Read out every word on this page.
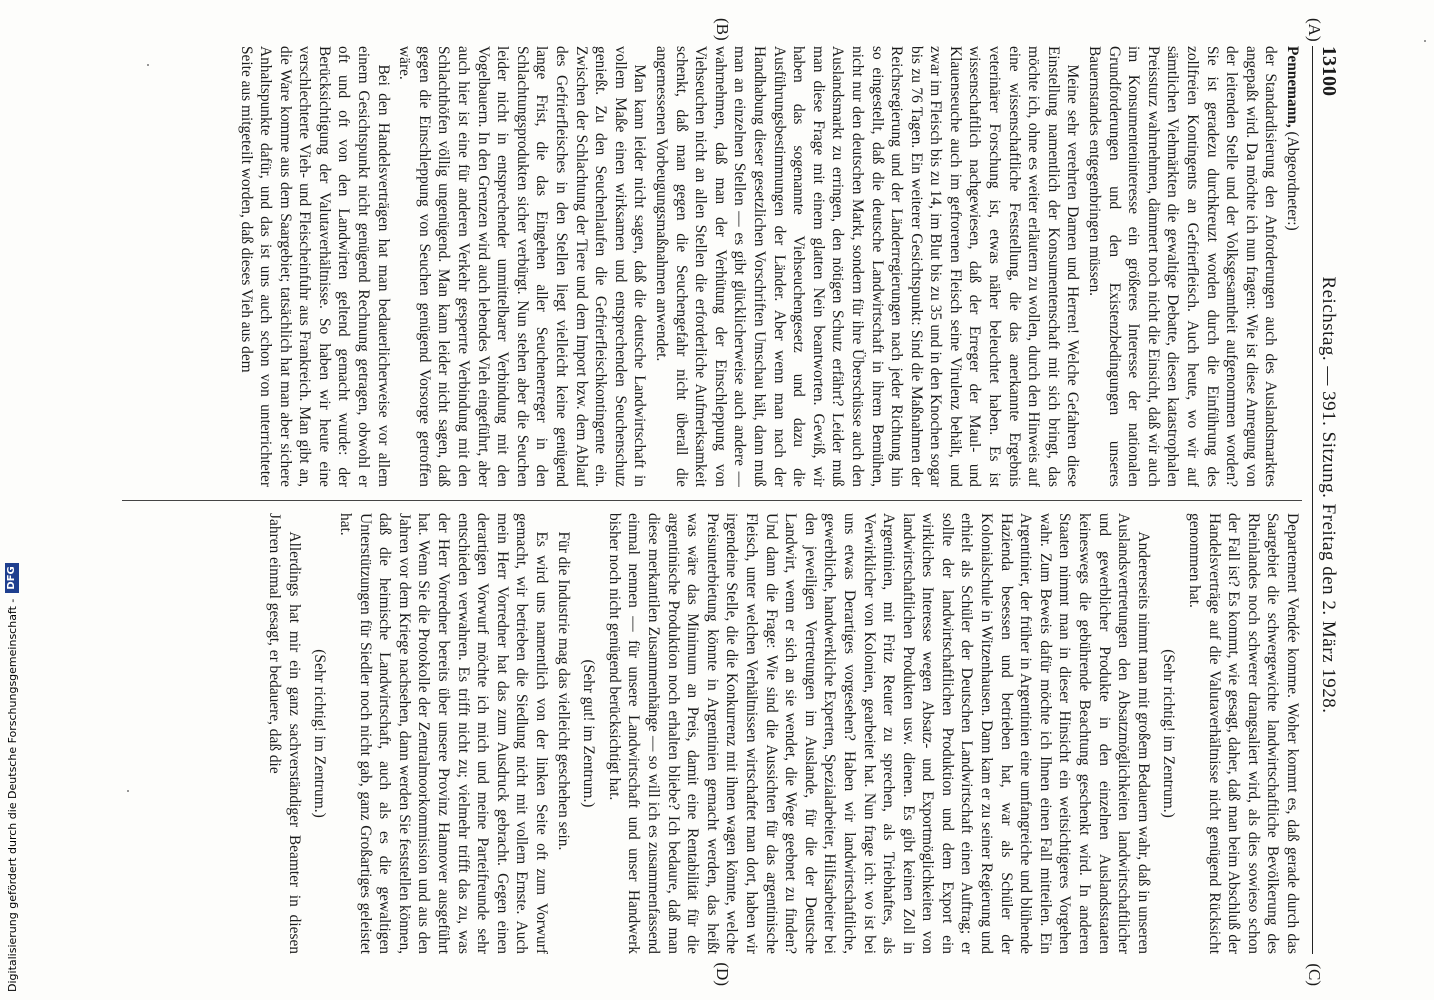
13100
Reichstag. — 391. Sitzung. Freitag den 2. März 1928.

Pennemann, (Abgeordneter:)

der Standardisierung den Anforderungen auch des Auslandsmarktes angepaßt wird. Da möchte ich nun fragen: Wie ist diese Anregung von der leitenden Stelle und der Volksgesamtheit aufgenommen worden? Sie ist geradezu durchkreuzt worden durch die Einführung des zollfreien Kontingents an Gefrierfleisch. Auch heute, wo wir auf sämtlichen Viehmärkten die gewaltige Debatte, diesen katastrophalen Preissturz wahrnehmen, dämmert noch nicht die Einsicht, daß wir auch im Konsumenteninteresse ein größeres Interesse der nationalen Grundforderungen und den Existenzbedingungen unseres Bauernstandes entgegenbringen müssen.

Meine sehr verehrten Damen und Herren! Welche Gefahren diese Einstellung namentlich der Konsumentenschaft mit sich bringt, das möchte ich, ohne es weiter erläutern zu wollen, durch den Hinweis auf eine wissenschaftliche Feststellung, die das anerkannte Ergebnis veterinärer Forschung ist, etwas näher beleuchtet haben. Es ist wissenschaftlich nachgewiesen, daß der Erreger der Maul- und Klauenseuche auch im gefrorenen Fleisch seine Virulenz behält, und zwar im Fleisch bis zu 14, im Blut bis zu 35 und in den Knochen sogar bis zu 76 Tagen. Ein weiterer Gesichtspunkt: Sind die Maßnahmen der Reichsregierung und der Länderregierungen nach jeder Richtung hin so eingestellt, daß die deutsche Landwirtschaft in ihrem Bemühen, nicht nur den deutschen Markt, sondern für ihre Überschüsse auch den Auslandsmarkt zu erringen, den nötigen Schutz erfährt? Leider muß man diese Frage mit einem glatten Nein beantworten. Gewiß, wir haben das sogenannte Viehseuchengesetz und dazu die Ausführungsbestimmungen der Länder. Aber wenn man nach der Handhabung dieser gesetzlichen Vorschriften Umschau hält, dann muß man an einzelnen Stellen — es gibt glücklicherweise auch andere — wahrnehmen, daß man der Verhütung der Einschleppung von Viehseuchen nicht an allen Stellen die erforderliche Aufmerksamkeit schenkt, daß man gegen die Seuchengefahr nicht überall die angemessenen Vorbeugungsmaßnahmen anwendet.

Man kann leider nicht sagen, daß die deutsche Landwirtschaft in vollem Maße einen wirksamen und entsprechenden Seuchenschutz genießt. Zu den Seuchenlaufen die Gefrierfleischkontingente ein. Zwischen der Schlachtung der Tiere und dem Import bzw. dem Ablauf des Gefrierfleisches in den Stellen liegt vielleicht keine genügend lange Frist, die das Eingehen aller Seuchenerreger in den Schlachtungsprodukten sicher verbürgt. Nun stehen aber die Seuchen leider nicht in entsprechender unmittelbarer Verbindung mit den Vogelbauern. In den Grenzen wird auch lebendes Vieh eingeführt, aber auch hier ist eine für anderen Verkehr gesperrte Verbindung mit den Schlachthöfen völlig ungenügend. Man kann leider nicht sagen, daß gegen die Einschleppung von Seuchen genügend Vorsorge getroffen wäre.

Bei den Handelsverträgen hat man bedauerlicherweise vor allem einem Gesichtspunkt nicht genügend Rechnung getragen, obwohl er oft und oft von den Landwirten geltend gemacht wurde: der Berücksichtigung der Valutaverhältnisse. So haben wir heute eine verschlechterte Vieh- und Fleischeinfuhr aus Frankreich. Man gibt an, die Ware komme aus dem Saargebiet; tatsächlich hat man aber sichere Anhaltspunkte dafür, und das ist uns auch schon von unterrichteter Seite aus mitgeteilt worden, daß dieses Vieh aus dem

Departement Vendée komme. Woher kommt es, daß gerade durch das Saargebiet die schwergewichte landwirtschaftliche Bevölkerung des Rheinlandes noch schwerer drangsaliert wird, als dies sowieso schon der Fall ist? Es kommt, wie gesagt, daher, daß man beim Abschluß der Handelsverträge auf die Valutaverhältnisse nicht genügend Rücksicht genommen hat.

(Sehr richtig! im Zentrum.)

Andererseits nimmt man mit großem Bedauern wahr, daß in unseren Auslandsvertretungen den Absatzmöglichkeiten landwirtschaftlicher und gewerblicher Produkte in den einzelnen Auslandsstaaten keineswegs die gebührende Beachtung geschenkt wird. In anderen Staaten nimmt man in dieser Hinsicht ein weitsichtigeres Vorgehen wahr. Zum Beweis dafür möchte ich Ihnen einen Fall mitteilen. Ein Argentinier, der früher in Argentinien eine umfangreiche und blühende Hazienda besessen und betrieben hat, war als Schüler der Kolonialschule in Witzenhausen. Dann kam er zu seiner Regierung und erhielt als Schüler der Deutschen Landwirtschaft einen Auftrag; er sollte der landwirtschaftlichen Produktion und dem Export ein wirkliches Interesse wegen Absatz- und Exportmöglichkeiten von landwirtschaftlichen Produkten usw. dienen. Es gibt keinen Zoll in Argentinien, mit Fritz Reuter zu sprechen, als Triebhaftes, als Verwirklicher von Kolonien, gearbeitet hat. Nun frage ich: wo ist bei uns etwas Derartiges vorgesehen? Haben wir landwirtschaftliche, gewerbliche, handwerkliche Experten, Spezialarbeiter, Hilfsarbeiter bei den jeweiligen Vertretungen im Auslande, für die der Deutsche Landwirt, wenn er sich an sie wendet, die Wege geebnet zu finden? Und dann die Frage: Wie sind die Aussichten für das argentinische Fleisch, unter welchen Verhältnissen wirtschaftet man dort, haben wir irgendeine Stelle, die die Konkurrenz mit ihnen wagen könnte, welche Preisunterbietung könnte in Argentinien gemacht werden, das heißt was wäre das Minimum an Preis, damit eine Rentabilität für die argentinische Produktion noch erhalten bliebe? Ich bedaure, daß man diese merkantilen Zusammenhänge — so will ich es zusammenfassend einmal nennen — für unsere Landwirtschaft und unser Handwerk bisher noch nicht genügend berücksichtigt hat.

(Sehr gut! im Zentrum.)

Für die Industrie mag das vielleicht geschehen sein.

Es wird uns namentlich von der linken Seite oft zum Vorwurf gemacht, wir betrieben die Siedlung nicht mit vollem Ernste. Auch mein Herr Vorredner hat das zum Ausdruck gebracht. Gegen einen derartigen Vorwurf möchte ich mich und meine Parteifreunde sehr entschieden verwahren. Es trifft nicht zu; vielmehr trifft das zu, was der Herr Vorredner bereits über unsere Provinz Hannover ausgeführt hat. Wenn Sie die Protokolle der Zentralmoorkommission und aus den Jahren vor dem Kriege nachsehen, dann werden Sie feststellen können, daß die heimische Landwirtschaft, auch als es die gewaltigen Unterstützungen für Siedler noch nicht gab, ganz Großartiges geleistet hat.

(Sehr richtig! im Zentrum.)

Allerdings hat mir ein ganz sachverständiger Beamter in diesen Jahren einmal gesagt, er bedauere, daß die

(A)
(B)
(C)
(D)
Digitalisierung gefördert durch die Deutsche Forschungsgemeinschaft -
DFG
